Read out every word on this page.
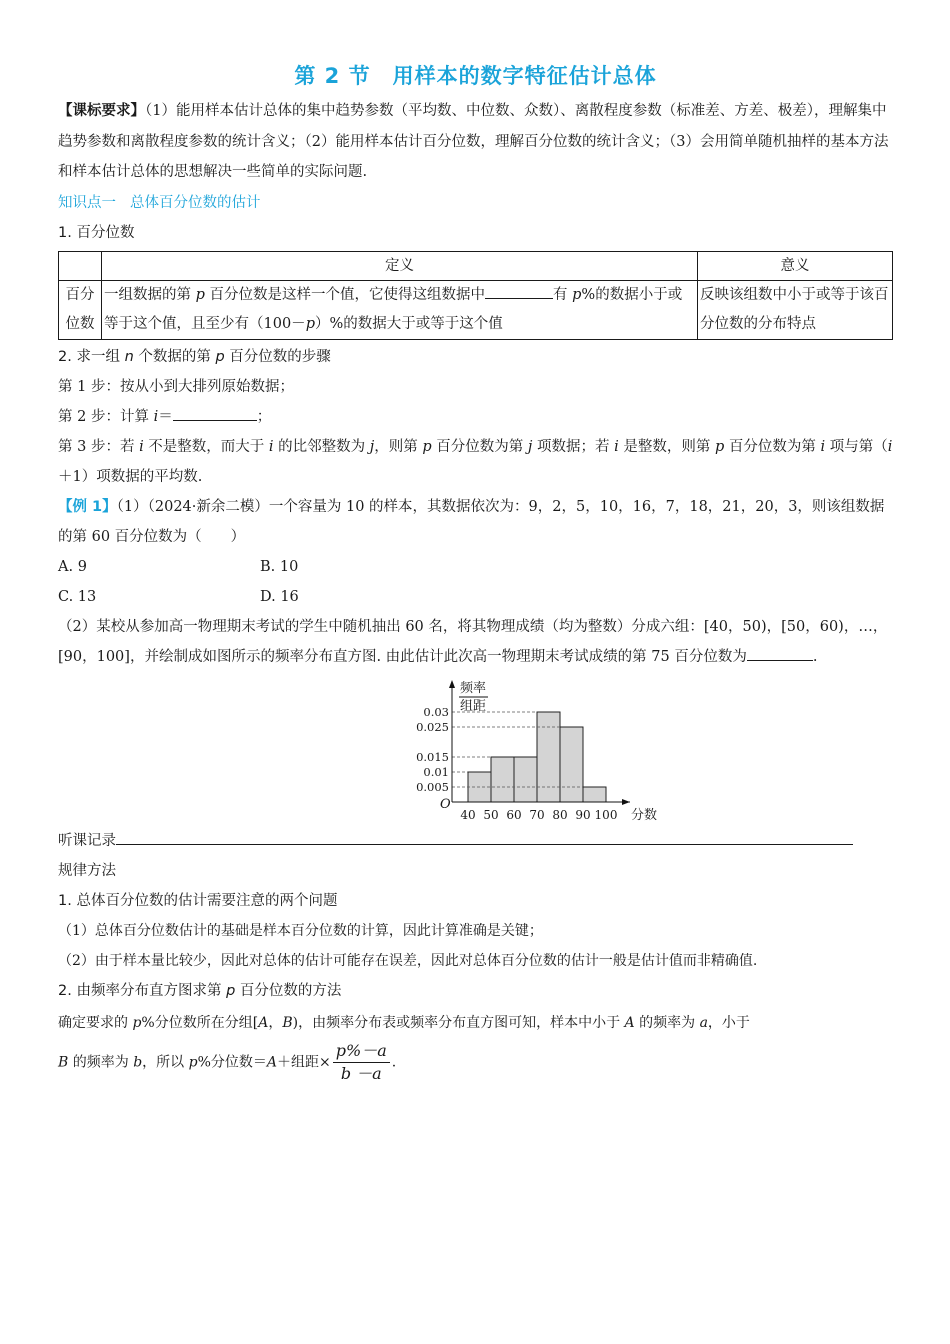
第 2 节 用样本的数字特征估计总体

【课标要求】（1）能用样本估计总体的集中趋势参数（平均数、中位数、众数）、离散程度参数（标准差、方差、极差），理解集中趋势参数和离散程度参数的统计含义；（2）能用样本估计百分位数，理解百分位数的统计含义；（3）会用简单随机抽样的基本方法和样本估计总体的思想解决一些简单的实际问题.

知识点一 总体百分位数的估计
1. 百分位数
	定义	意义
百分位数	一组数据的第 p 百分位数是这样一个值，它使得这组数据中 有 p%的数据小于或等于这个值，且至少有（100－p）%的数据大于或等于这个值	反映该组数中小于或等于该百分位数的分布特点
2. 求一组 n 个数据的第 p 百分位数的步骤

第 1 步：按从小到大排列原始数据；

第 2 步：计算 i＝	；

第 3 步：若 i 不是整数，而大于 i 的比邻整数为 j，则第 p 百分位数为第 j 项数据；若 i 是整数，则第 p 百分位数为第 i 项与第（i＋1）项数据的平均数.

【例 1】（1）（2024·新余二模）一个容量为 10 的样本，其数据依次为：9，2，5，10，16，7，18，21，20，3，则该组数据的第 60 百分位数为（　　）

A. 9	B. 10
C. 13	D. 16

（2）某校从参加高一物理期末考试的学生中随机抽出 60 名，将其物理成绩（均为整数）分成六组：[40，50)，[50，60)，…，[90，100]，并绘制成如图所示的频率分布直方图. 由此估计此次高一物理期末考试成绩的第 75 百分位数为	.

0.005
0.01
0.015
0.025
0.03
O
40 50 60 70 80 90 100 分数
频率
组距

听课记录

规律方法
1. 总体百分位数的估计需要注意的两个问题

（1）总体百分位数估计的基础是样本百分位数的计算，因此计算准确是关键；

（2）由于样本量比较少，因此对总体的估计可能存在误差，因此对总体百分位数的估计一般是估计值而非精确值.

2. 由频率分布直方图求第 p 百分位数的方法

确定要求的 p%分位数所在分组[A，B)，由频率分布表或频率分布直方图可知，样本中小于 A 的频率为 a，小于
B 的频率为 b，所以 p%分位数＝A＋组距× $\frac{p\%-a}{b -a}$ .
